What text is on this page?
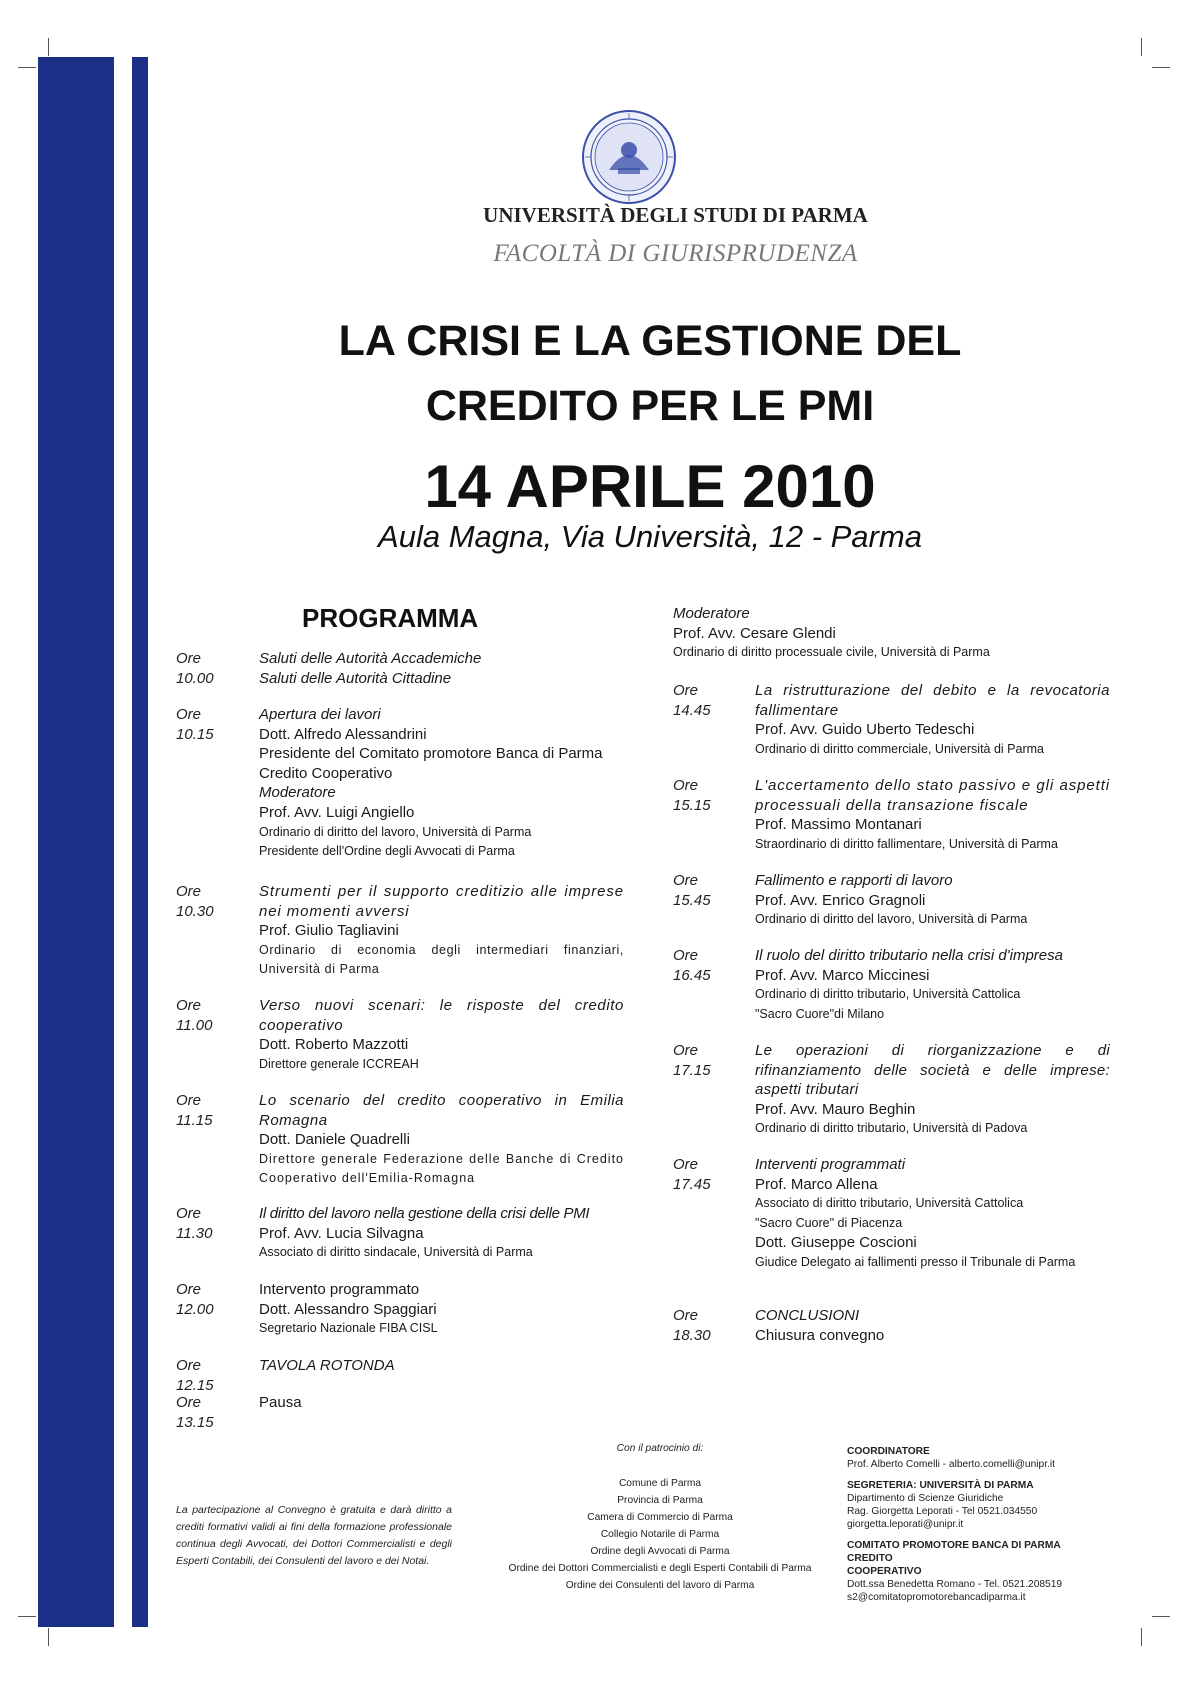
UNIVERSITÀ DEGLI STUDI DI PARMA
FACOLTÀ DI GIURISPRUDENZA
LA CRISI E LA GESTIONE DEL
CREDITO PER LE PMI
14 APRILE 2010
Aula Magna, Via Università, 12 - Parma
PROGRAMMA
Ore 10.00
Saluti delle Autorità Accademiche
Saluti delle Autorità Cittadine
Ore 10.15
Apertura dei lavori
Dott. Alfredo Alessandrini
Presidente del Comitato promotore Banca di Parma
Credito Cooperativo
Moderatore
Prof. Avv. Luigi Angiello
Ordinario di diritto del lavoro, Università di Parma
Presidente dell'Ordine degli Avvocati di Parma
Ore 10.30
Strumenti per il supporto creditizio alle imprese nei momenti avversi
Prof. Giulio Tagliavini
Ordinario di economia degli intermediari finanziari, Università di Parma
Ore 11.00
Verso nuovi scenari: le risposte del credito cooperativo
Dott. Roberto Mazzotti
Direttore generale ICCREAH
Ore 11.15
Lo scenario del credito cooperativo in Emilia Romagna
Dott. Daniele Quadrelli
Direttore generale Federazione delle Banche di Credito Cooperativo dell'Emilia-Romagna
Ore 11.30
Il diritto del lavoro nella gestione della crisi delle PMI
Prof. Avv. Lucia Silvagna
Associato di diritto sindacale, Università di Parma
Ore 12.00
Intervento programmato
Dott. Alessandro Spaggiari
Segretario Nazionale FIBA CISL
Ore 12.15
TAVOLA ROTONDA
Ore 13.15
Pausa
Moderatore
Prof. Avv. Cesare Glendi
Ordinario di diritto processuale civile, Università di Parma
Ore 14.45
La ristrutturazione del debito e la revocatoria fallimentare
Prof. Avv. Guido Uberto Tedeschi
Ordinario di diritto commerciale, Università di Parma
Ore 15.15
L'accertamento dello stato passivo e gli aspetti processuali della transazione fiscale
Prof. Massimo Montanari
Straordinario di diritto fallimentare, Università di Parma
Ore 15.45
Fallimento e rapporti di lavoro
Prof. Avv. Enrico Gragnoli
Ordinario di diritto del lavoro, Università di Parma
Ore 16.45
Il ruolo del diritto tributario nella crisi d'impresa
Prof. Avv. Marco Miccinesi
Ordinario di diritto tributario, Università Cattolica
"Sacro Cuore"di Milano
Ore 17.15
Le operazioni di riorganizzazione e di rifinanziamento delle società e delle imprese: aspetti tributari
Prof. Avv. Mauro Beghin
Ordinario di diritto tributario, Università di Padova
Ore 17.45
Interventi programmati
Prof. Marco Allena
Associato di diritto tributario, Università Cattolica
"Sacro Cuore" di Piacenza
Dott. Giuseppe Coscioni
Giudice Delegato ai fallimenti presso il Tribunale di Parma
Ore 18.30
CONCLUSIONI
Chiusura convegno
La partecipazione al Convegno è gratuita e darà diritto a crediti formativi validi ai fini della formazione professionale continua degli Avvocati, dei Dottori Commercialisti e degli Esperti Contabili, dei Consulenti del lavoro e dei Notai.
Con il patrocinio di:
Comune di Parma
Provincia di Parma
Camera di Commercio di Parma
Collegio Notarile di Parma
Ordine degli Avvocati di Parma
Ordine dei Dottori Commercialisti e degli Esperti Contabili di Parma
Ordine dei Consulenti del lavoro di Parma
COORDINATORE
Prof. Alberto Comelli - alberto.comelli@unipr.it
SEGRETERIA: UNIVERSITÀ DI PARMA
Dipartimento di Scienze Giuridiche
Rag. Giorgetta Leporati - Tel 0521.034550
giorgetta.leporati@unipr.it
COMITATO PROMOTORE BANCA DI PARMA CREDITO
COOPERATIVO
Dott.ssa Benedetta Romano - Tel. 0521.208519
s2@comitatopromotorebancadiparma.it
